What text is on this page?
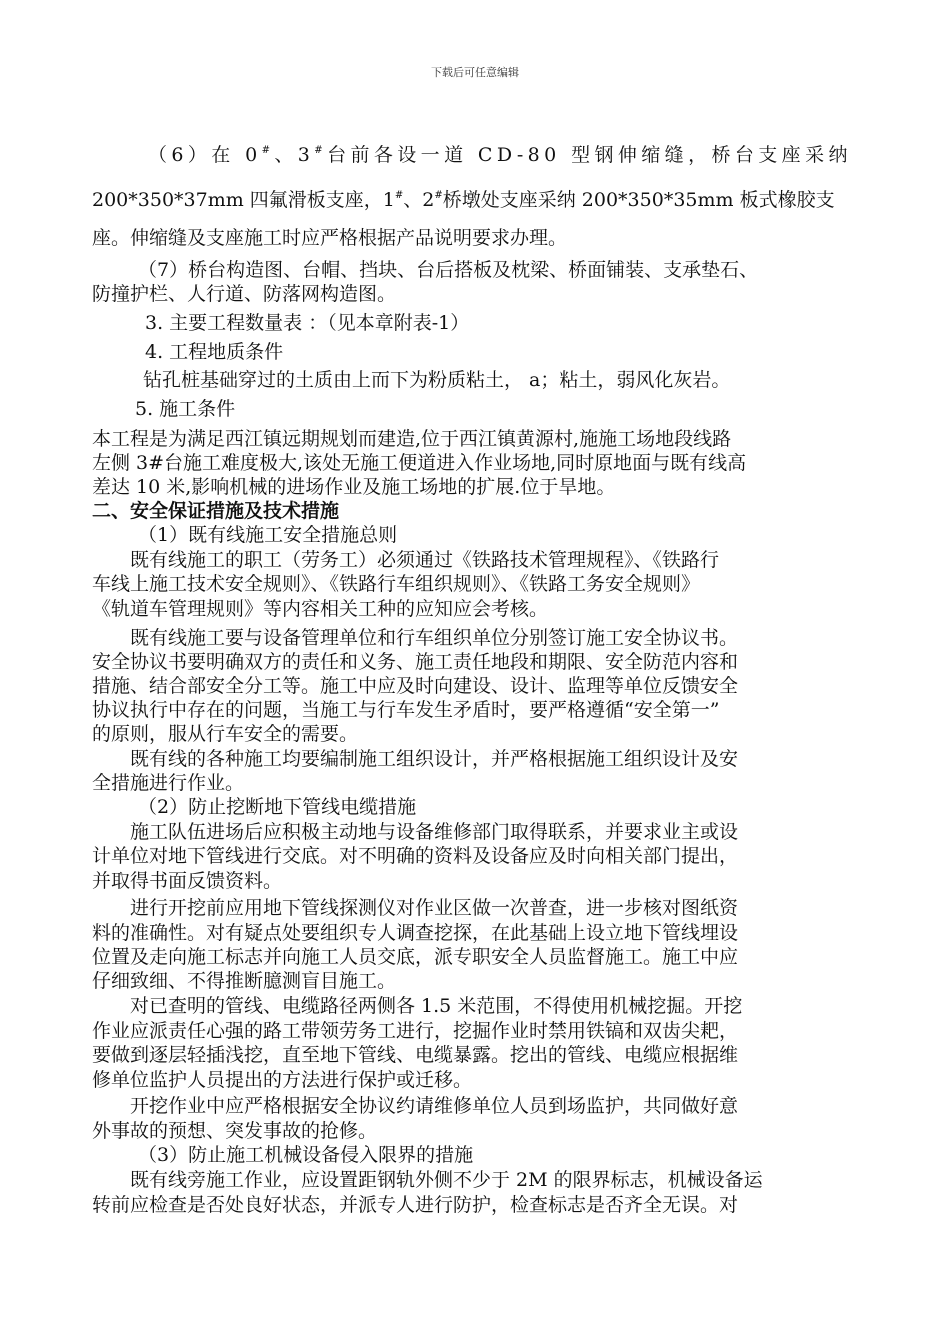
下载后可任意编辑
（6）在 0#、3#台前各设一道 CD-80 型钢伸缩缝，桥台支座采纳
200*350*37mm 四氟滑板支座，1#、2#桥墩处支座采纳 200*350*35mm 板式橡胶支
座。伸缩缝及支座施工时应严格根据产品说明要求办理。
（7）桥台构造图、台帽、挡块、台后搭板及枕梁、桥面铺装、支承垫石、
防撞护栏、人行道、防落网构造图。
3. 主要工程数量表 ：（见本章附表-1）
4. 工程地质条件
钻孔桩基础穿过的土质由上而下为粉质粘土， a；粘土，弱风化灰岩。
5. 施工条件
本工程是为满足西江镇远期规划而建造,位于西江镇黄源村,施施工场地段线路
左侧 3#台施工难度极大,该处无施工便道进入作业场地,同时原地面与既有线高
差达 10 米,影响机械的进场作业及施工场地的扩展.位于旱地。
二、安全保证措施及技术措施
（1）既有线施工安全措施总则
既有线施工的职工（劳务工）必须通过《铁路技术管理规程》、《铁路行
车线上施工技术安全规则》、《铁路行车组织规则》、《铁路工务安全规则》
《轨道车管理规则》等内容相关工种的应知应会考核。
既有线施工要与设备管理单位和行车组织单位分别签订施工安全协议书。
安全协议书要明确双方的责任和义务、施工责任地段和期限、安全防范内容和
措施、结合部安全分工等。施工中应及时向建设、设计、监理等单位反馈安全
协议执行中存在的问题，当施工与行车发生矛盾时，要严格遵循“安全第一”
的原则，服从行车安全的需要。
既有线的各种施工均要编制施工组织设计，并严格根据施工组织设计及安
全措施进行作业。
（2）防止挖断地下管线电缆措施
施工队伍进场后应积极主动地与设备维修部门取得联系，并要求业主或设
计单位对地下管线进行交底。对不明确的资料及设备应及时向相关部门提出，
并取得书面反馈资料。
进行开挖前应用地下管线探测仪对作业区做一次普查，进一步核对图纸资
料的准确性。对有疑点处要组织专人调查挖探，在此基础上设立地下管线埋设
位置及走向施工标志并向施工人员交底，派专职安全人员监督施工。施工中应
仔细致细、不得推断臆测盲目施工。
对已查明的管线、电缆路径两侧各 1.5 米范围，不得使用机械挖掘。开挖
作业应派责任心强的路工带领劳务工进行，挖掘作业时禁用铁镐和双齿尖耙，
要做到逐层轻插浅挖，直至地下管线、电缆暴露。挖出的管线、电缆应根据维
修单位监护人员提出的方法进行保护或迁移。
开挖作业中应严格根据安全协议约请维修单位人员到场监护，共同做好意
外事故的预想、突发事故的抢修。
（3）防止施工机械设备侵入限界的措施
既有线旁施工作业，应设置距钢轨外侧不少于 2M 的限界标志，机械设备运
转前应检查是否处良好状态，并派专人进行防护，检查标志是否齐全无误。对
